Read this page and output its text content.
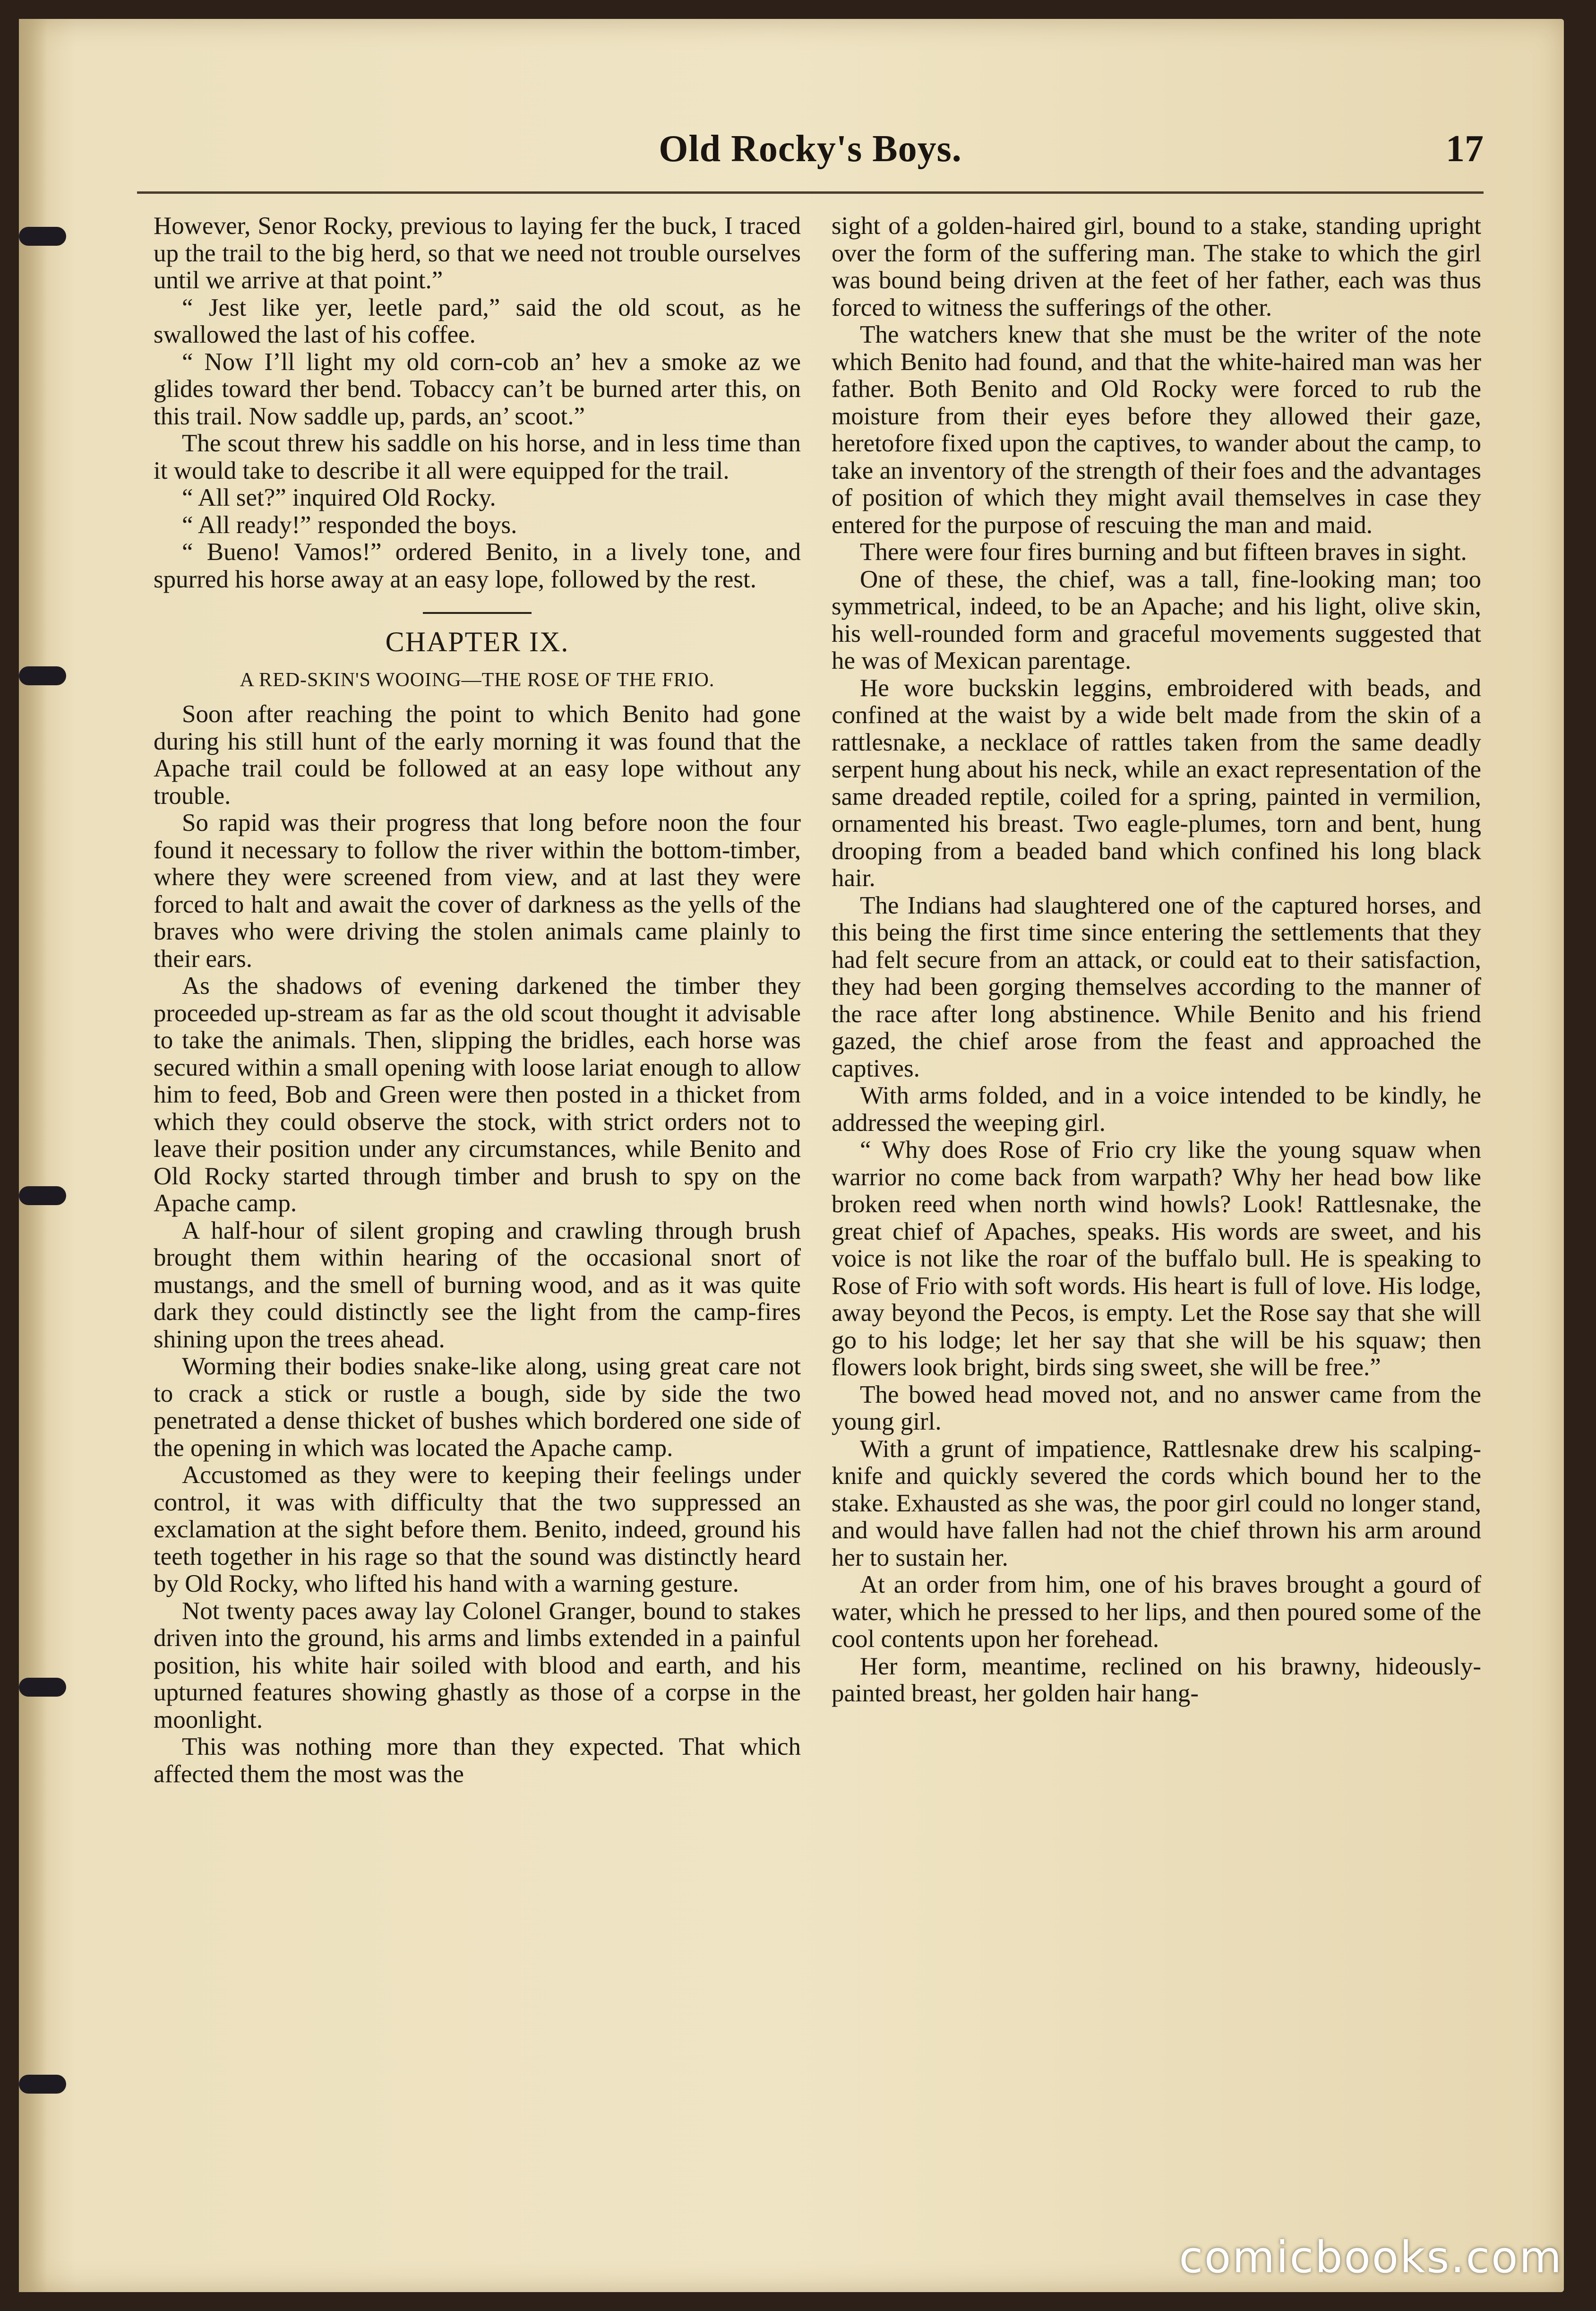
Old Rocky's Boys.	17

However, Senor Rocky, previous to laying fer the buck, I traced up the trail to the big herd, so that we need not trouble ourselves until we arrive at that point.”

“ Jest like yer, leetle pard,” said the old scout, as he swallowed the last of his coffee.

“ Now I’ll light my old corn-cob an’ hev a smoke az we glides toward ther bend. Tobaccy can’t be burned arter this, on this trail. Now saddle up, pards, an’ scoot.”

The scout threw his saddle on his horse, and in less time than it would take to describe it all were equipped for the trail.

“ All set?” inquired Old Rocky.

“ All ready!” responded the boys.

“ Bueno! Vamos!” ordered Benito, in a lively tone, and spurred his horse away at an easy lope, followed by the rest.

CHAPTER IX.
A RED-SKIN'S WOOING—THE ROSE OF THE FRIO.

Soon after reaching the point to which Benito had gone during his still hunt of the early morning it was found that the Apache trail could be followed at an easy lope without any trouble.

So rapid was their progress that long before noon the four found it necessary to follow the river within the bottom-timber, where they were screened from view, and at last they were forced to halt and await the cover of darkness as the yells of the braves who were driving the stolen animals came plainly to their ears.

As the shadows of evening darkened the timber they proceeded up-stream as far as the old scout thought it advisable to take the animals. Then, slipping the bridles, each horse was secured within a small opening with loose lariat enough to allow him to feed, Bob and Green were then posted in a thicket from which they could observe the stock, with strict orders not to leave their position under any circumstances, while Benito and Old Rocky started through timber and brush to spy on the Apache camp.

A half-hour of silent groping and crawling through brush brought them within hearing of the occasional snort of mustangs, and the smell of burning wood, and as it was quite dark they could distinctly see the light from the camp-fires shining upon the trees ahead.

Worming their bodies snake-like along, using great care not to crack a stick or rustle a bough, side by side the two penetrated a dense thicket of bushes which bordered one side of the opening in which was located the Apache camp.

Accustomed as they were to keeping their feelings under control, it was with difficulty that the two suppressed an exclamation at the sight before them. Benito, indeed, ground his teeth together in his rage so that the sound was distinctly heard by Old Rocky, who lifted his hand with a warning gesture.

Not twenty paces away lay Colonel Granger, bound to stakes driven into the ground, his arms and limbs extended in a painful position, his white hair soiled with blood and earth, and his upturned features showing ghastly as those of a corpse in the moonlight.

This was nothing more than they expected. That which affected them the most was the

sight of a golden-haired girl, bound to a stake, standing upright over the form of the suffering man. The stake to which the girl was bound being driven at the feet of her father, each was thus forced to witness the sufferings of the other.

The watchers knew that she must be the writer of the note which Benito had found, and that the white-haired man was her father. Both Benito and Old Rocky were forced to rub the moisture from their eyes before they allowed their gaze, heretofore fixed upon the captives, to wander about the camp, to take an inventory of the strength of their foes and the advantages of position of which they might avail themselves in case they entered for the purpose of rescuing the man and maid.

There were four fires burning and but fifteen braves in sight.

One of these, the chief, was a tall, fine-looking man; too symmetrical, indeed, to be an Apache; and his light, olive skin, his well-rounded form and graceful movements suggested that he was of Mexican parentage.

He wore buckskin leggins, embroidered with beads, and confined at the waist by a wide belt made from the skin of a rattlesnake, a necklace of rattles taken from the same deadly serpent hung about his neck, while an exact representation of the same dreaded reptile, coiled for a spring, painted in vermilion, ornamented his breast. Two eagle-plumes, torn and bent, hung drooping from a beaded band which confined his long black hair.

The Indians had slaughtered one of the captured horses, and this being the first time since entering the settlements that they had felt secure from an attack, or could eat to their satisfaction, they had been gorging themselves according to the manner of the race after long abstinence. While Benito and his friend gazed, the chief arose from the feast and approached the captives.

With arms folded, and in a voice intended to be kindly, he addressed the weeping girl.

“ Why does Rose of Frio cry like the young squaw when warrior no come back from warpath? Why her head bow like broken reed when north wind howls? Look! Rattlesnake, the great chief of Apaches, speaks. His words are sweet, and his voice is not like the roar of the buffalo bull. He is speaking to Rose of Frio with soft words. His heart is full of love. His lodge, away beyond the Pecos, is empty. Let the Rose say that she will go to his lodge; let her say that she will be his squaw; then flowers look bright, birds sing sweet, she will be free.”

The bowed head moved not, and no answer came from the young girl.

With a grunt of impatience, Rattlesnake drew his scalping-knife and quickly severed the cords which bound her to the stake. Exhausted as she was, the poor girl could no longer stand, and would have fallen had not the chief thrown his arm around her to sustain her.

At an order from him, one of his braves brought a gourd of water, which he pressed to her lips, and then poured some of the cool contents upon her forehead.

Her form, meantime, reclined on his brawny, hideously-painted breast, her golden hair hang-

comicbooks.com
